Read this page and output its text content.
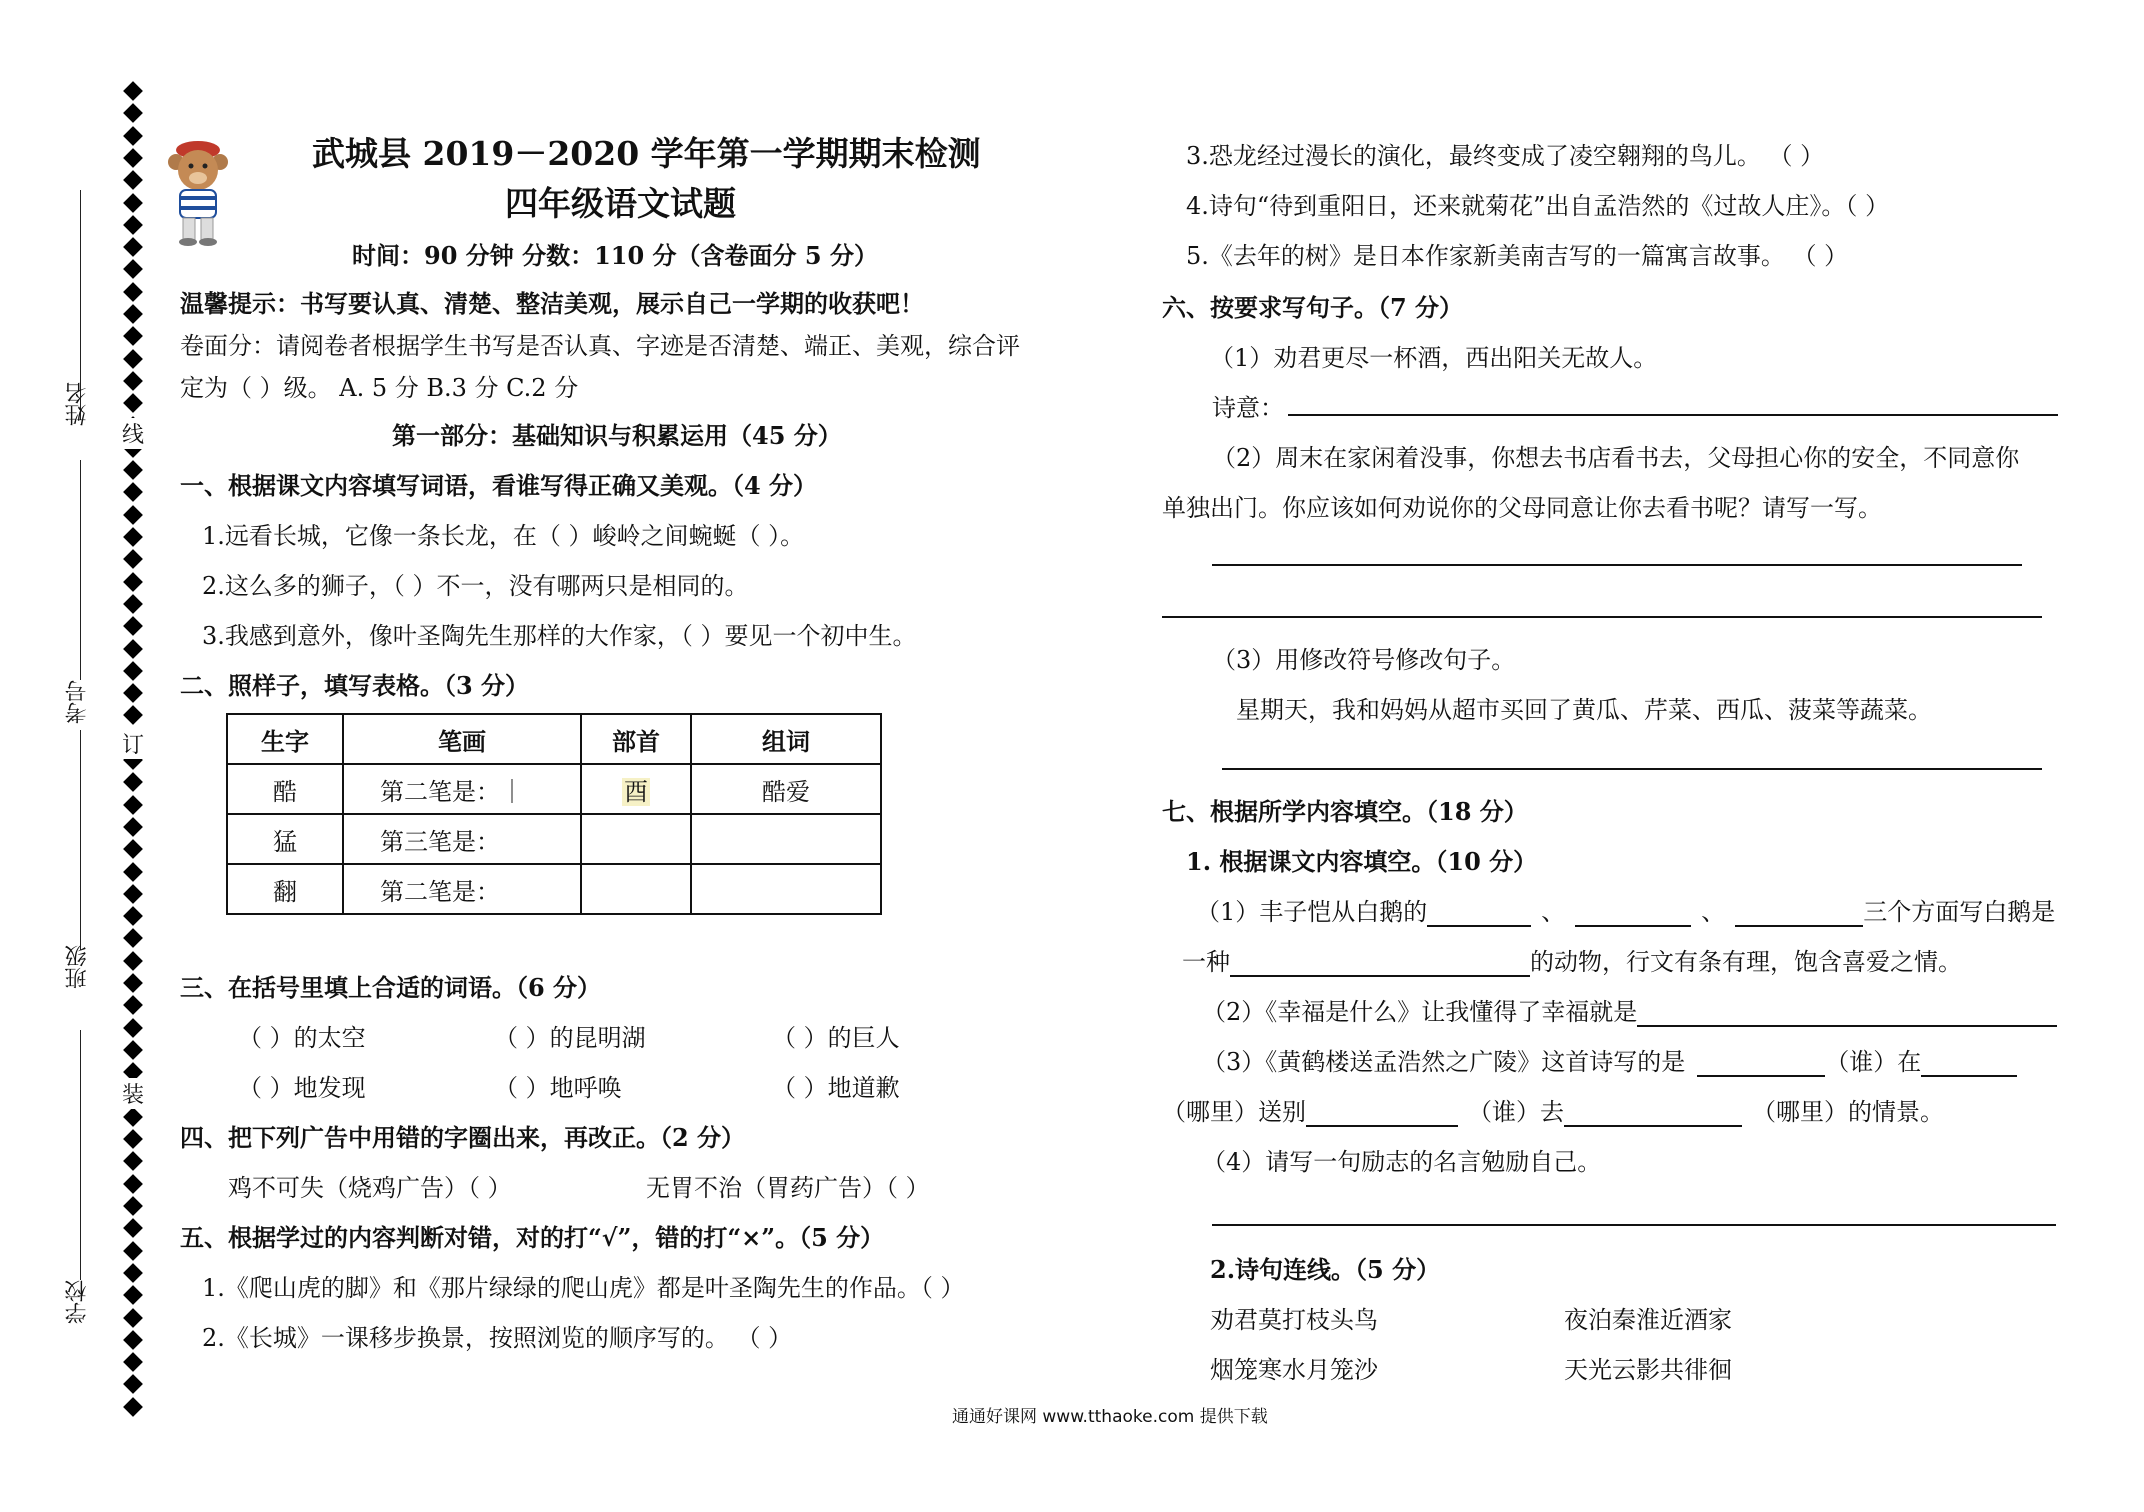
姓名
考号
班级
学校
线
订
装
武城县 2019－2020 学年第一学期期末检测
四年级语文试题
时间：90 分钟 分数：110 分（含卷面分 5 分）
温馨提示：书写要认真、清楚、整洁美观，展示自己一学期的收获吧！
卷面分：请阅卷者根据学生书写是否认真、字迹是否清楚、端正、美观，综合评
定为（ ）级。 A. 5 分 B.3 分 C.2 分
第一部分：基础知识与积累运用（45 分）
一、根据课文内容填写词语，看谁写得正确又美观。（4 分）
1.远看长城，它像一条长龙，在（ ）峻岭之间蜿蜒（ ）。
2.这么多的狮子，（ ）不一，没有哪两只是相同的。
3.我感到意外，像叶圣陶先生那样的大作家，（ ）要见一个初中生。
二、照样子，填写表格。（3 分）
生字	笔画	部首	组词
酷	第二笔是：｜	酉	酷爱
猛	第三笔是：		
翻	第二笔是：		
三、在括号里填上合适的词语。（6 分）
（ ）的太空	（ ）的昆明湖	（ ）的巨人
（ ）地发现	（ ）地呼唤	（ ）地道歉
四、把下列广告中用错的字圈出来，再改正。（2 分）
鸡不可失（烧鸡广告）（ ）	无胃不治（胃药广告）（ ）
五、根据学过的内容判断对错，对的打“√”，错的打“×”。（5 分）
1.《爬山虎的脚》和《那片绿绿的爬山虎》都是叶圣陶先生的作品。（ ）
2.《长城》一课移步换景，按照浏览的顺序写的。 （ ）
3.恐龙经过漫长的演化，最终变成了凌空翱翔的鸟儿。 （ ）
4.诗句“待到重阳日，还来就菊花”出自孟浩然的《过故人庄》。（ ）
5.《去年的树》是日本作家新美南吉写的一篇寓言故事。 （ ）
六、按要求写句子。（7 分）
（1）劝君更尽一杯酒，西出阳关无故人。
诗意：
（2）周末在家闲着没事，你想去书店看书去，父母担心你的安全，不同意你
单独出门。你应该如何劝说你的父母同意让你去看书呢？请写一写。
（3）用修改符号修改句子。
星期天，我和妈妈从超市买回了黄瓜、芹菜、西瓜、菠菜等蔬菜。
七、根据所学内容填空。（18 分）
1. 根据课文内容填空。（10 分）
（1）丰子恺从白鹅的	、	、	三个方面写白鹅是
一种	的动物，行文有条有理，饱含喜爱之情。
（2）《幸福是什么》让我懂得了幸福就是
（3）《黄鹤楼送孟浩然之广陵》这首诗写的是	（谁）在
（哪里）送别	（谁）去	（哪里）的情景。
（4）请写一句励志的名言勉励自己。
2.诗句连线。（5 分）
劝君莫打枝头鸟	夜泊秦淮近酒家
烟笼寒水月笼沙	天光云影共徘徊
通通好课网 www.tthaoke.com 提供下载
